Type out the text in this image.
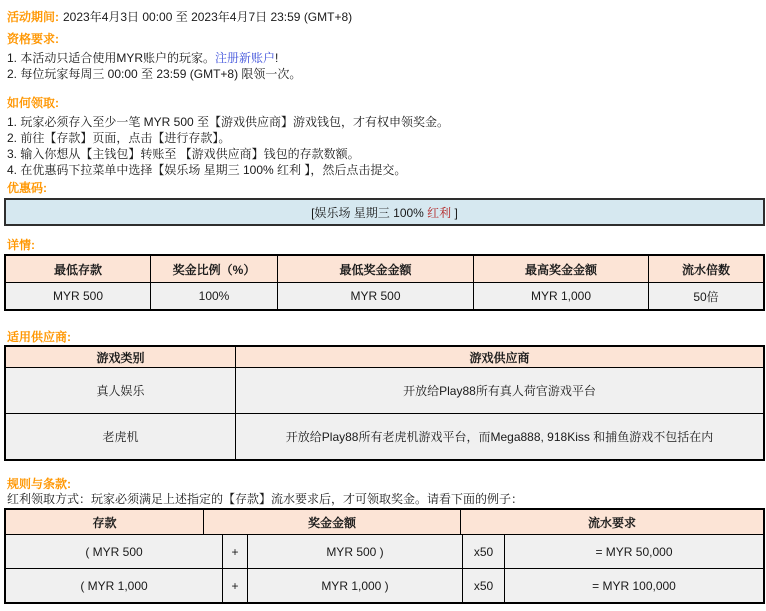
活动期间: 2023年4月3日 00:00 至 2023年4月7日 23:59 (GMT+8)

资格要求:

1. 本活动只适合使用MYR账户的玩家。注册新账户!

2. 每位玩家每周三 00:00 至 23:59 (GMT+8) 限领一次。

如何领取:

1. 玩家必须存入至少一笔 MYR 500 至【游戏供应商】游戏钱包，才有权申领奖金。

2. 前往【存款】页面，点击【进行存款】。

3. 输入你想从【主钱包】转账至 【游戏供应商】钱包的存款数额。

4. 在优惠码下拉菜单中选择【娱乐场 星期三 100% 红利 】，然后点击提交。

优惠码:
[娱乐场 星期三 100% 红利 ]
详情:
最低存款	奖金比例（%）	最低奖金金额	最高奖金金额	流水倍数
MYR 500	100%	MYR 500	MYR 1,000	50倍
适用供应商:
游戏类别	游戏供应商
真人娱乐	开放给Play88所有真人荷官游戏平台
老虎机	开放给Play88所有老虎机游戏平台，而Mega888, 918Kiss 和捕鱼游戏不包括在内
规则与条款:
红利领取方式：玩家必须满足上述指定的【存款】流水要求后，才可领取奖金。请看下面的例子：
存款	奖金金额	流水要求
( MYR 500	+	MYR 500 )	x50	= MYR 50,000
( MYR 1,000	+	MYR 1,000 )	x50	= MYR 100,000
